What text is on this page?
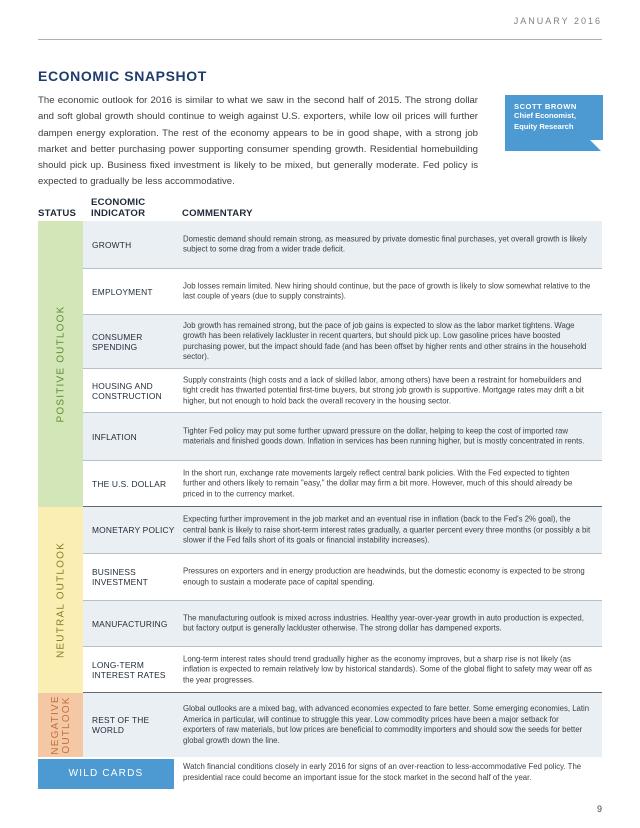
JANUARY 2016
ECONOMIC SNAPSHOT
The economic outlook for 2016 is similar to what we saw in the second half of 2015. The strong dollar and soft global growth should continue to weigh against U.S. exporters, while low oil prices will further dampen energy exploration. The rest of the economy appears to be in good shape, with a strong job market and better purchasing power supporting consumer spending growth. Residential homebuilding should pick up. Business fixed investment is likely to be mixed, but generally moderate. Fed policy is expected to gradually be less accommodative.
SCOTT BROWN
Chief Economist,
Equity Research
STATUS
ECONOMIC
INDICATOR	COMMENTARY
POSITIVE OUTLOOK
NEUTRAL OUTLOOK
NEGATIVE OUTLOOK
GROWTH
Domestic demand should remain strong, as measured by private domestic final purchases, yet overall growth is likely subject to some drag from a wider trade deficit.
EMPLOYMENT
Job losses remain limited. New hiring should continue, but the pace of growth is likely to slow somewhat relative to the last couple of years (due to supply constraints).
CONSUMER SPENDING
Job growth has remained strong, but the pace of job gains is expected to slow as the labor market tightens. Wage growth has been relatively lackluster in recent quarters, but should pick up. Low gasoline prices have boosted purchasing power, but the impact should fade (and has been offset by higher rents and other strains in the household sector).
HOUSING AND CONSTRUCTION
Supply constraints (high costs and a lack of skilled labor, among others) have been a restraint for homebuilders and tight credit has thwarted potential first-time buyers, but strong job growth is supportive. Mortgage rates may drift a bit higher, but not enough to hold back the overall recovery in the housing sector.
INFLATION
Tighter Fed policy may put some further upward pressure on the dollar, helping to keep the cost of imported raw materials and finished goods down. Inflation in services has been running higher, but is mostly concentrated in rents.
THE U.S. DOLLAR
In the short run, exchange rate movements largely reflect central bank policies. With the Fed expected to tighten further and others likely to remain "easy," the dollar may firm a bit more. However, much of this should already be priced in to the currency market.
MONETARY POLICY
Expecting further improvement in the job market and an eventual rise in inflation (back to the Fed's 2% goal), the central bank is likely to raise short-term interest rates gradually, a quarter percent every three months (or possibly a bit slower if the Fed falls short of its goals or financial instability increases).
BUSINESS INVESTMENT
Pressures on exporters and in energy production are headwinds, but the domestic economy is expected to be strong enough to sustain a moderate pace of capital spending.
MANUFACTURING
The manufacturing outlook is mixed across industries. Healthy year-over-year growth in auto production is expected, but factory output is generally lackluster otherwise. The strong dollar has dampened exports.
LONG-TERM INTEREST RATES
Long-term interest rates should trend gradually higher as the economy improves, but a sharp rise is not likely (as inflation is expected to remain relatively low by historical standards). Some of the global flight to safety may wear off as the year progresses.
REST OF THE WORLD
Global outlooks are a mixed bag, with advanced economies expected to fare better. Some emerging economies, Latin America in particular, will continue to struggle this year. Low commodity prices have been a major setback for exporters of raw materials, but low prices are beneficial to commodity importers and should sow the seeds for better global growth down the line.
WILD CARDS
Watch financial conditions closely in early 2016 for signs of an over-reaction to less-accommodative Fed policy. The presidential race could become an important issue for the stock market in the second half of the year.
9
